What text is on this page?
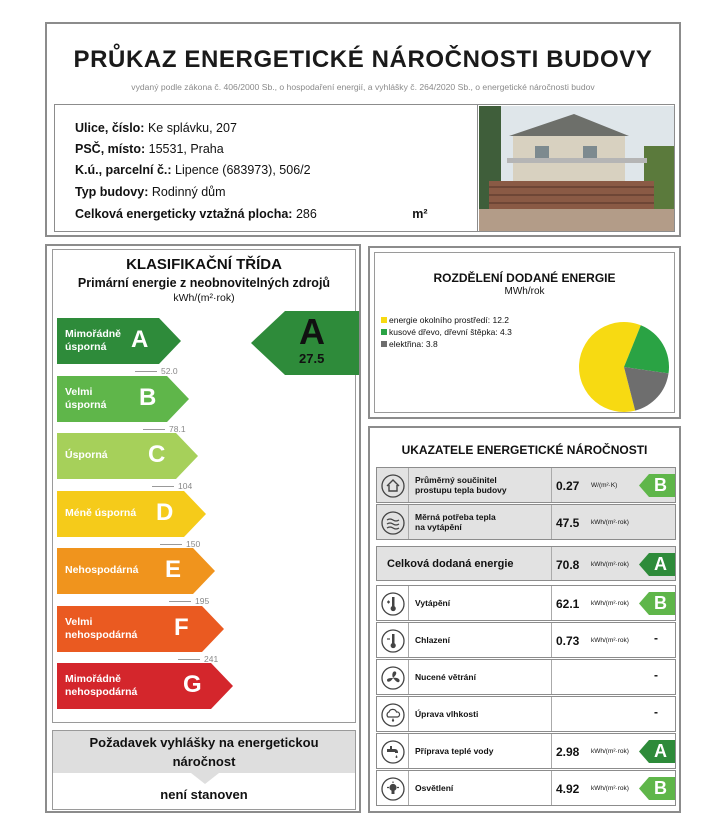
PRŮKAZ ENERGETICKÉ NÁROČNOSTI BUDOVY
vydaný podle zákona č. 406/2000 Sb., o hospodaření energií, a vyhlášky č. 264/2020 Sb., o energetické náročnosti budov
Ulice, číslo: Ke splávku, 207
PSČ, místo: 15531, Praha
K.ú., parcelní č.: Lipence (683973), 506/2
Typ budovy: Rodinný dům
Celková energeticky vztažná plocha: 286	m²
KLASIFIKAČNÍ TŘÍDA
Primární energie z neobnovitelných zdrojů
kWh/(m²·rok)
Mimořádně
úsporná	A
52.0
Velmi
úsporná B
78.1
Úsporná C
104
Méně úsporná D
150
Nehospodárná E
195
Velmi
nehospodárná F
241
Mimořádně
nehospodárná G
A
27.5
Požadavek vyhlášky na energetickou
náročnost
není stanoven
ROZDĚLENÍ DODANÉ ENERGIE
MWh/rok
energie okolního prostředí: 12.2
kusové dřevo, dřevní štěpka: 4.3
elektřina: 3.8
UKAZATELE ENERGETICKÉ NÁROČNOSTI
Průměrný součinitel
prostupu tepla budovy	0.27 W/(m²·K) B
Měrná potřeba tepla
na vytápění	47.5 kWh/(m²·rok)
Celková dodaná energie	70.8 kWh/(m²·rok) A
Vytápění	62.1 kWh/(m²·rok) B
Chlazení	0.73 kWh/(m²·rok) -
Nucené větrání	-
Úprava vlhkosti	-
Příprava teplé vody	2.98 kWh/(m²·rok) A
Osvětlení	4.92 kWh/(m²·rok) B
